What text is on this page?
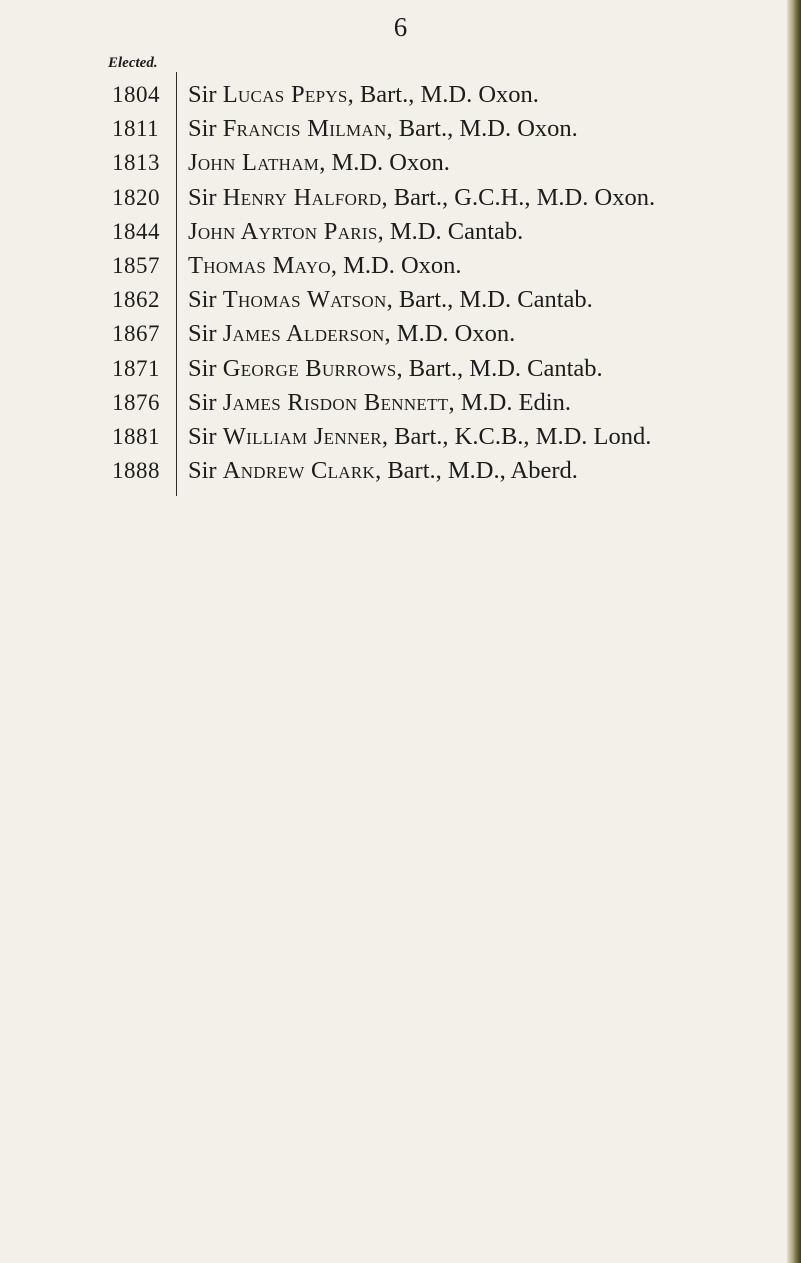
6
Elected.
1804	Sir Lucas Pepys, Bart., M.D. Oxon.
1811	Sir Francis Milman, Bart., M.D. Oxon.
1813	John Latham, M.D. Oxon.
1820	Sir Henry Halford, Bart., G.C.H., M.D. Oxon.
1844	John Ayrton Paris, M.D. Cantab.
1857	Thomas Mayo, M.D. Oxon.
1862	Sir Thomas Watson, Bart., M.D. Cantab.
1867	Sir James Alderson, M.D. Oxon.
1871	Sir George Burrows, Bart., M.D. Cantab.
1876	Sir James Risdon Bennett, M.D. Edin.
1881	Sir William Jenner, Bart., K.C.B., M.D. Lond.
1888	Sir Andrew Clark, Bart., M.D., Aberd.
